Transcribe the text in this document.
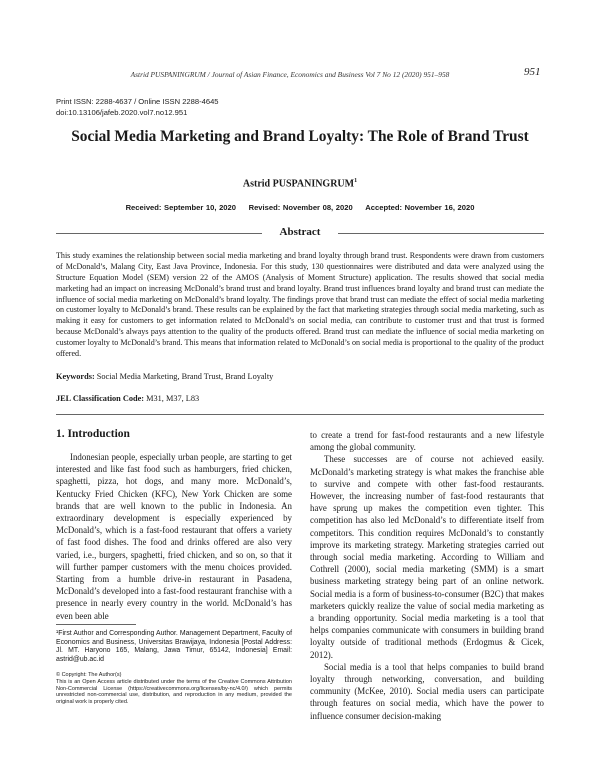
Astrid PUSPANINGRUM / Journal of Asian Finance, Economics and Business Vol 7 No 12 (2020) 951–958	951
Print ISSN: 2288-4637 / Online ISSN 2288-4645
doi:10.13106/jafeb.2020.vol7.no12.951
Social Media Marketing and Brand Loyalty: The Role of Brand Trust
Astrid PUSPANINGRUM$^1$
Received: September 10, 2020 Revised: November 08, 2020 Accepted: November 16, 2020
Abstract
This study examines the relationship between social media marketing and brand loyalty through brand trust. Respondents were drawn from customers of McDonald’s, Malang City, East Java Province, Indonesia. For this study, 130 questionnaires were distributed and data were analyzed using the Structure Equation Model (SEM) version 22 of the AMOS (Analysis of Moment Structure) application. The results showed that social media marketing had an impact on increasing McDonald’s brand trust and brand loyalty. Brand trust influences brand loyalty and brand trust can mediate the influence of social media marketing on McDonald’s brand loyalty. The findings prove that brand trust can mediate the effect of social media marketing on customer loyalty to McDonald’s brand. These results can be explained by the fact that marketing strategies through social media marketing, such as making it easy for customers to get information related to McDonald’s on social media, can contribute to customer trust and that trust is formed because McDonald’s always pays attention to the quality of the products offered. Brand trust can mediate the influence of social media marketing on customer loyalty to McDonald’s brand. This means that information related to McDonald’s on social media is proportional to the quality of the product offered.
Keywords: Social Media Marketing, Brand Trust, Brand Loyalty
JEL Classification Code: M31, M37, L83
1. Introduction

Indonesian people, especially urban people, are starting to get interested and like fast food such as hamburgers, fried chicken, spaghetti, pizza, hot dogs, and many more. McDonald’s, Kentucky Fried Chicken (KFC), New York Chicken are some brands that are well known to the public in Indonesia. An extraordinary development is especially experienced by McDonald’s, which is a fast-food restaurant that offers a variety of fast food dishes. The food and drinks offered are also very varied, i.e., burgers, spaghetti, fried chicken, and so on, so that it will further pamper customers with the menu choices provided. Starting from a humble drive-in restaurant in Pasadena, McDonald’s developed into a fast-food restaurant franchise with a presence in nearly every country in the world. McDonald’s has even been able

to create a trend for fast-food restaurants and a new lifestyle among the global community.

These successes are of course not achieved easily. McDonald’s marketing strategy is what makes the franchise able to survive and compete with other fast-food restaurants. However, the increasing number of fast-food restaurants that have sprung up makes the competition even tighter. This competition has also led McDonald’s to differentiate itself from competitors. This condition requires McDonald’s to constantly improve its marketing strategy. Marketing strategies carried out through social media marketing. According to William and Cothrell (2000), social media marketing (SMM) is a smart business marketing strategy being part of an online network. Social media is a form of business-to-consumer (B2C) that makes marketers quickly realize the value of social media marketing as a branding opportunity. Social media marketing is a tool that helps companies communicate with consumers in building brand loyalty outside of traditional methods (Erdogmus & Cicek, 2012).

Social media is a tool that helps companies to build brand loyalty through networking, conversation, and building community (McKee, 2010). Social media users can participate through features on social media, which have the power to influence consumer decision-making

¹First Author and Corresponding Author. Management Department, Faculty of Economics and Business, Universitas Brawijaya, Indonesia [Postal Address: Jl. MT. Haryono 165, Malang, Jawa Timur, 65142, Indonesia] Email: astrid@ub.ac.id
© Copyright: The Author(s)
This is an Open Access article distributed under the terms of the Creative Commons Attribution Non-Commercial License (https://creativecommons.org/licenses/by-nc/4.0/) which permits unrestricted non-commercial use, distribution, and reproduction in any medium, provided the original work is properly cited.
